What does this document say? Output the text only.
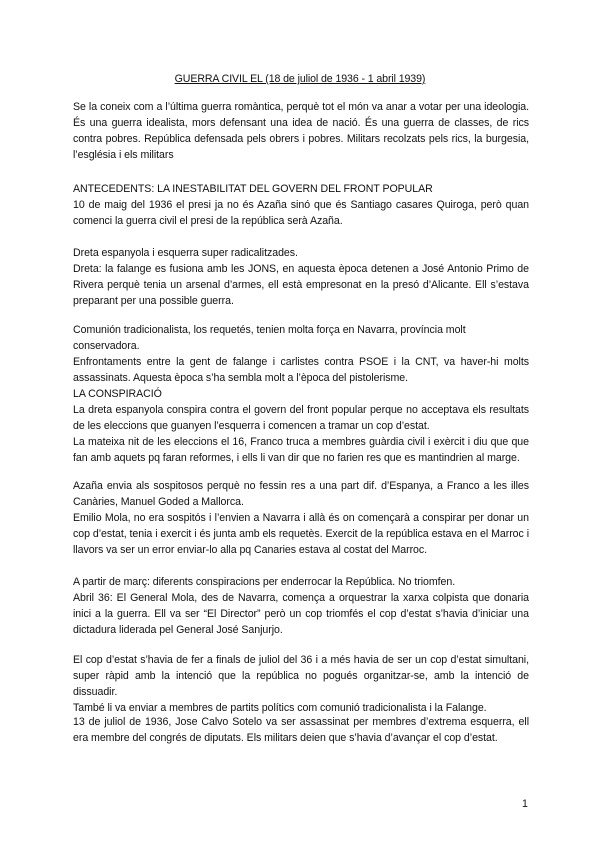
GUERRA CIVIL EL (18 de juliol de 1936 - 1 abril 1939)

Se la coneix com a l’última guerra romàntica, perquè tot el món va anar a votar per una ideologia. És una guerra idealista, mors defensant una idea de nació. És una guerra de classes, de rics contra pobres. República defensada pels obrers i pobres. Militars recolzats pels rics, la burgesia, l’església i els militars

ANTECEDENTS: LA INESTABILITAT DEL GOVERN DEL FRONT POPULAR

10 de maig del 1936 el presi ja no és Azaña sinó que és Santiago casares Quiroga, però quan comenci la guerra civil el presi de la república serà Azaña.

Dreta espanyola i esquerra super radicalitzades.

Dreta: la falange es fusiona amb les JONS, en aquesta època detenen a José Antonio Primo de Rivera perquè tenia un arsenal d’armes, ell està empresonat en la presó d’Alicante. Ell s’estava preparant per una possible guerra.

Comunión tradicionalista, los requetés, tenien molta força en Navarra, província molt conservadora.

Enfrontaments entre la gent de falange i carlistes contra PSOE i la CNT, va haver-hi molts assassinats. Aquesta època s’ha sembla molt a l’època del pistolerisme.

LA CONSPIRACIÓ

La dreta espanyola conspira contra el govern del front popular perque no acceptava els resultats de les eleccions que guanyen l’esquerra i comencen a tramar un cop d’estat.

La mateixa nit de les eleccions el 16, Franco truca a membres guàrdia civil i exèrcit i diu que que fan amb aquets pq faran reformes, i ells li van dir que no farien res que es mantindrien al marge.

Azaña envia als sospitosos perquè no fessin res a una part dif. d’Espanya, a Franco a les illes Canàries, Manuel Goded a Mallorca.

Emilio Mola, no era sospitós i l’envien a Navarra i allà és on començarà a conspirar per donar un cop d’estat, tenia i exercit i és junta amb els requetès. Exercit de la república estava en el Marroc i llavors va ser un error enviar-lo alla pq Canaries estava al costat del Marroc.

A partir de març: diferents conspiracions per enderrocar la República. No triomfen.

Abril 36: El General Mola, des de Navarra, comença a orquestrar la xarxa colpista que donaria inici a la guerra. Ell va ser “El Director” però un cop triomfés el cop d’estat s’havia d’iniciar una dictadura liderada pel General José Sanjurjo.

El cop d’estat s’havia de fer a finals de juliol del 36 i a més havia de ser un cop d’estat simultani, super ràpid amb la intenció que la república no pogués organitzar-se, amb la intenció de dissuadir.

També li va enviar a membres de partits polítics com comunió tradicionalista i la Falange.

13 de juliol de 1936, Jose Calvo Sotelo va ser assassinat per membres d’extrema esquerra, ell era membre del congrés de diputats. Els militars deien que s’havia d’avançar el cop d’estat.

1
